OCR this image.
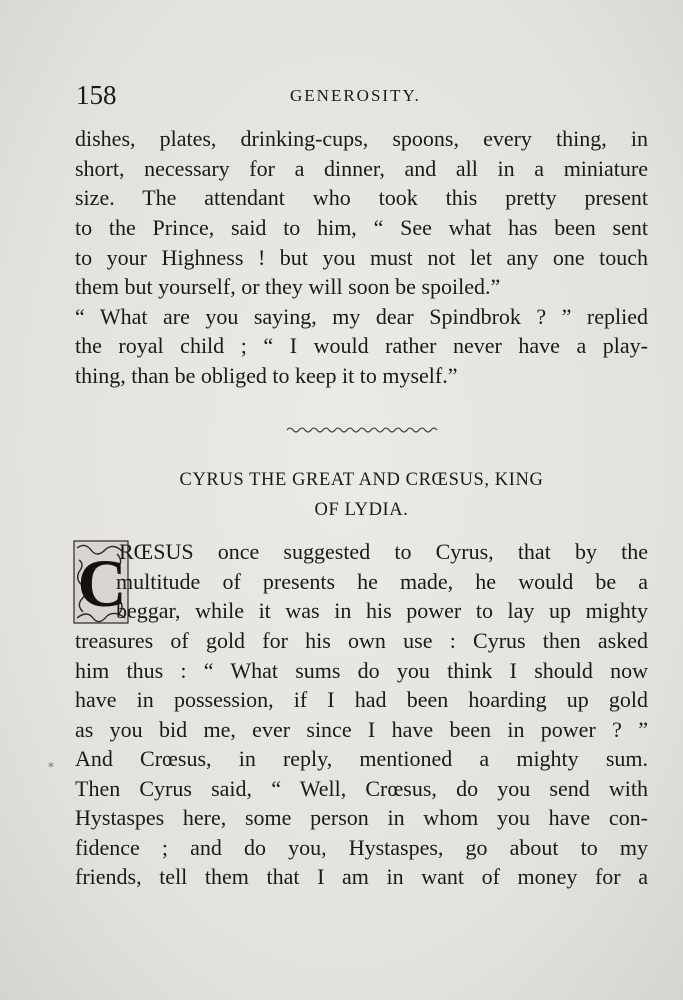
158	GENEROSITY.
dishes, plates, drinking-cups, spoons, every thing, in
short, necessary for a dinner, and all in a miniature
size. The attendant who took this pretty present
to the Prince, said to him, “ See what has been sent
to your Highness ! but you must not let any one touch
them but yourself, or they will soon be spoiled.”
“ What are you saying, my dear Spindbrok ? ” replied
the royal child ; “ I would rather never have a play-
thing, than be obliged to keep it to myself.”
CYRUS THE GREAT AND CRŒSUS, KING
OF LYDIA.
C
RŒSUS once suggested to Cyrus, that by the
multitude of presents he made, he would be a
beggar, while it was in his power to lay up mighty
treasures of gold for his own use : Cyrus then asked
him thus : “ What sums do you think I should now
have in possession, if I had been hoarding up gold
as you bid me, ever since I have been in power ? ”
And Crœsus, in reply, mentioned a mighty sum.
Then Cyrus said, “ Well, Crœsus, do you send with
Hystaspes here, some person in whom you have con-
fidence ; and do you, Hystaspes, go about to my
friends, tell them that I am in want of money for a
*
